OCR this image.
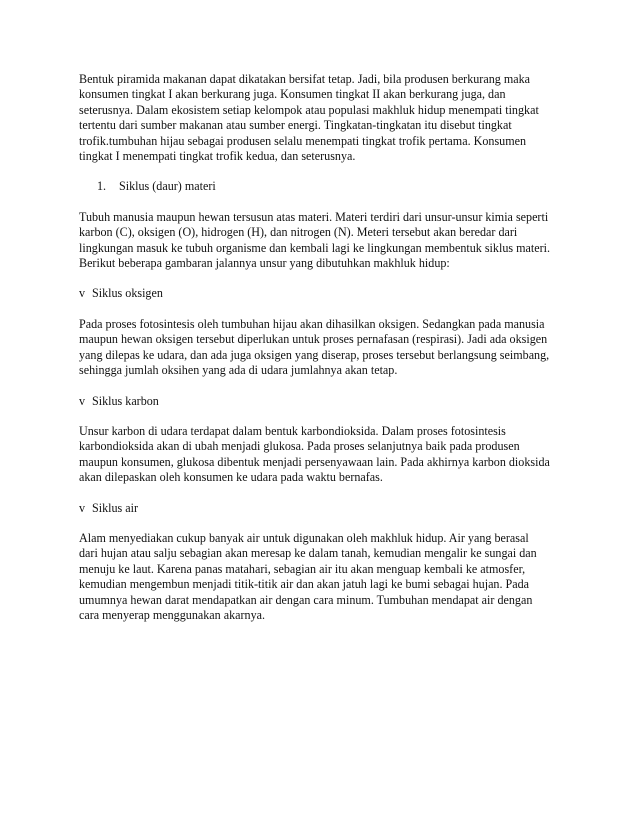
Bentuk piramida makanan dapat dikatakan bersifat tetap. Jadi, bila produsen berkurang maka
konsumen tingkat I akan berkurang juga. Konsumen tingkat II akan berkurang juga, dan
seterusnya. Dalam ekosistem setiap kelompok atau populasi makhluk hidup menempati tingkat
tertentu dari sumber makanan atau sumber energi. Tingkatan-tingkatan itu disebut tingkat
trofik.tumbuhan hijau sebagai produsen selalu menempati tingkat trofik pertama. Konsumen
tingkat I menempati tingkat trofik kedua, dan seterusnya.

1. Siklus (daur) materi

Tubuh manusia maupun hewan tersusun atas materi. Materi terdiri dari unsur-unsur kimia seperti
karbon (C), oksigen (O), hidrogen (H), dan nitrogen (N). Meteri tersebut akan beredar dari
lingkungan masuk ke tubuh organisme dan kembali lagi ke lingkungan membentuk siklus materi.
Berikut beberapa gambaran jalannya unsur yang dibutuhkan makhluk hidup:

v Siklus oksigen

Pada proses fotosintesis oleh tumbuhan hijau akan dihasilkan oksigen. Sedangkan pada manusia
maupun hewan oksigen tersebut diperlukan untuk proses pernafasan (respirasi). Jadi ada oksigen
yang dilepas ke udara, dan ada juga oksigen yang diserap, proses tersebut berlangsung seimbang,
sehingga jumlah oksihen yang ada di udara jumlahnya akan tetap.

v Siklus karbon

Unsur karbon di udara terdapat dalam bentuk karbondioksida. Dalam proses fotosintesis
karbondioksida akan di ubah menjadi glukosa. Pada proses selanjutnya baik pada produsen
maupun konsumen, glukosa dibentuk menjadi persenyawaan lain. Pada akhirnya karbon dioksida
akan dilepaskan oleh konsumen ke udara pada waktu bernafas.

v Siklus air

Alam menyediakan cukup banyak air untuk digunakan oleh makhluk hidup. Air yang berasal
dari hujan atau salju sebagian akan meresap ke dalam tanah, kemudian mengalir ke sungai dan
menuju ke laut. Karena panas matahari, sebagian air itu akan menguap kembali ke atmosfer,
kemudian mengembun menjadi titik-titik air dan akan jatuh lagi ke bumi sebagai hujan. Pada
umumnya hewan darat mendapatkan air dengan cara minum. Tumbuhan mendapat air dengan
cara menyerap menggunakan akarnya.
